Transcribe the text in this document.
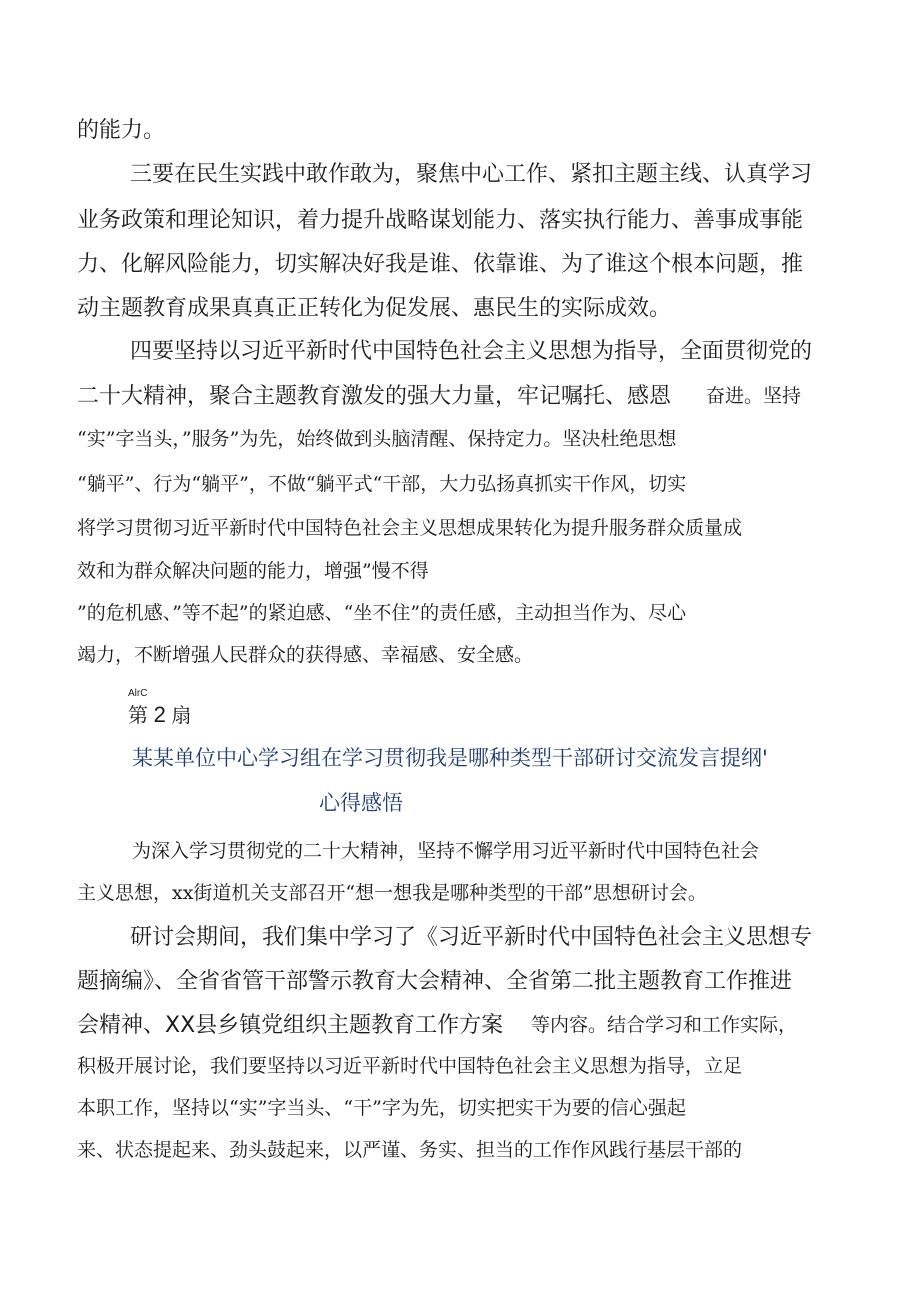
的能力。
三要在民生实践中敢作敢为，聚焦中心工作、紧扣主题主线、认真学习
业务政策和理论知识，着力提升战略谋划能力、落实执行能力、善事成事能
力、化解风险能力，切实解决好我是谁、依靠谁、为了谁这个根本问题，推
动主题教育成果真真正正转化为促发展、惠民生的实际成效。
四要坚持以习近平新时代中国特色社会主义思想为指导，全面贯彻党的
二十大精神，聚合主题教育激发的强大力量，牢记嘱托、感恩 奋进。坚持
“实”字当头，”服务”为先，始终做到头脑清醒、保持定力。坚决杜绝思想
“躺平”、行为“躺平”，不做“躺平式“干部，大力弘扬真抓实干作风，切实
将学习贯彻习近平新时代中国特色社会主义思想成果转化为提升服务群众质量成
效和为群众解决问题的能力，增强”慢不得
”的危机感、”等不起”的紧迫感、“坐不住”的责任感，主动担当作为、尽心
竭力，不断增强人民群众的获得感、幸福感、安全感。
AlrC
第 2 扇
某某单位中心学习组在学习贯彻我是哪种类型干部研讨交流发言提纲'
心得感悟
为深入学习贯彻党的二十大精神，坚持不懈学用习近平新时代中国特色社会
主义思想，xx街道机关支部召开“想一想我是哪种类型的干部”思想研讨会。
研讨会期间，我们集中学习了《习近平新时代中国特色社会主义思想专
题摘编》、全省省管干部警示教育大会精神、全省第二批主题教育工作推进
会精神、XX县乡镇党组织主题教育工作方案 等内容。结合学习和工作实际，
积极开展讨论，我们要坚持以习近平新时代中国特色社会主义思想为指导，立足
本职工作，坚持以“实”字当头、“干”字为先，切实把实干为要的信心强起
来、状态提起来、劲头鼓起来，以严谨、务实、担当的工作作风践行基层干部的
